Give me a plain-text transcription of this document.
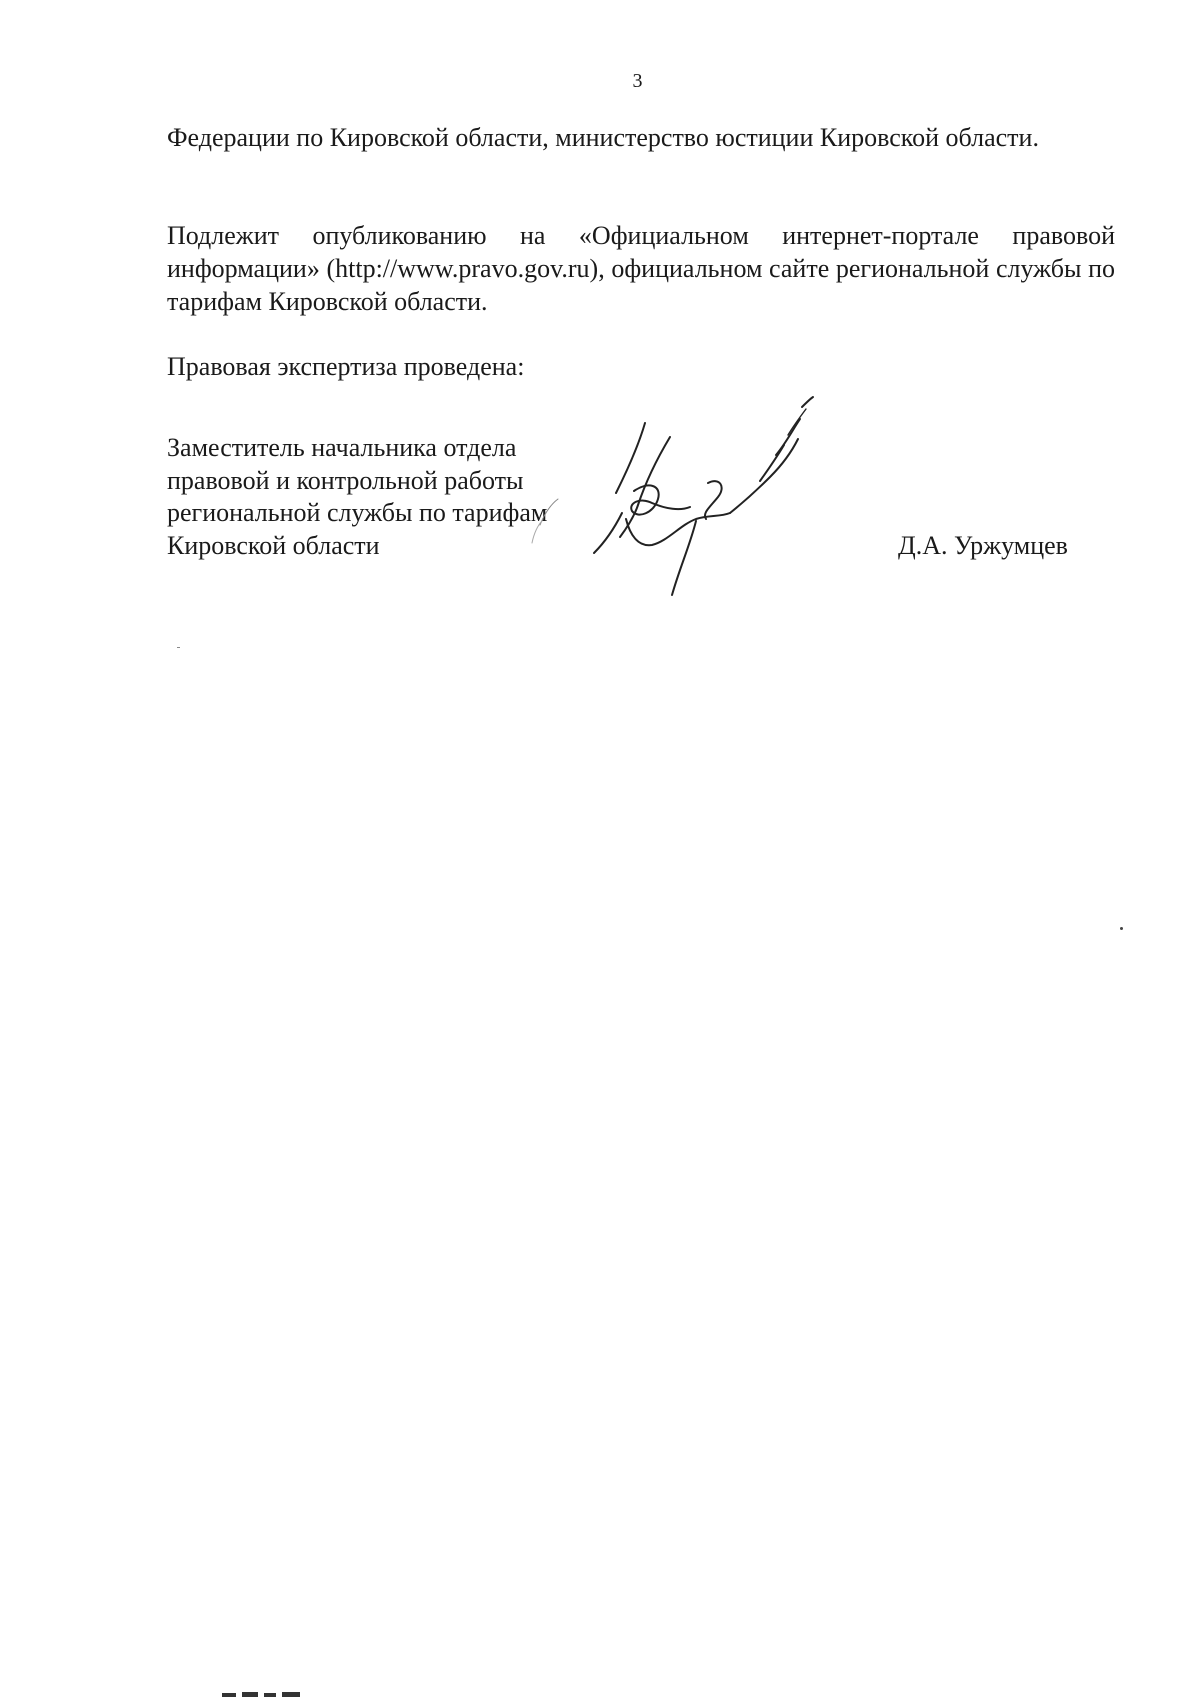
3
Федерации по Кировской области, министерство юстиции Кировской области.
Подлежит опубликованию на «Официальном интернет-портале правовой информации» (http://www.pravo.gov.ru), официальном сайте региональной службы по тарифам Кировской области.
Правовая экспертиза проведена:
Заместитель начальника отдела
правовой и контрольной работы
региональной службы по тарифам
Кировской области	Д.А. Уржумцев
